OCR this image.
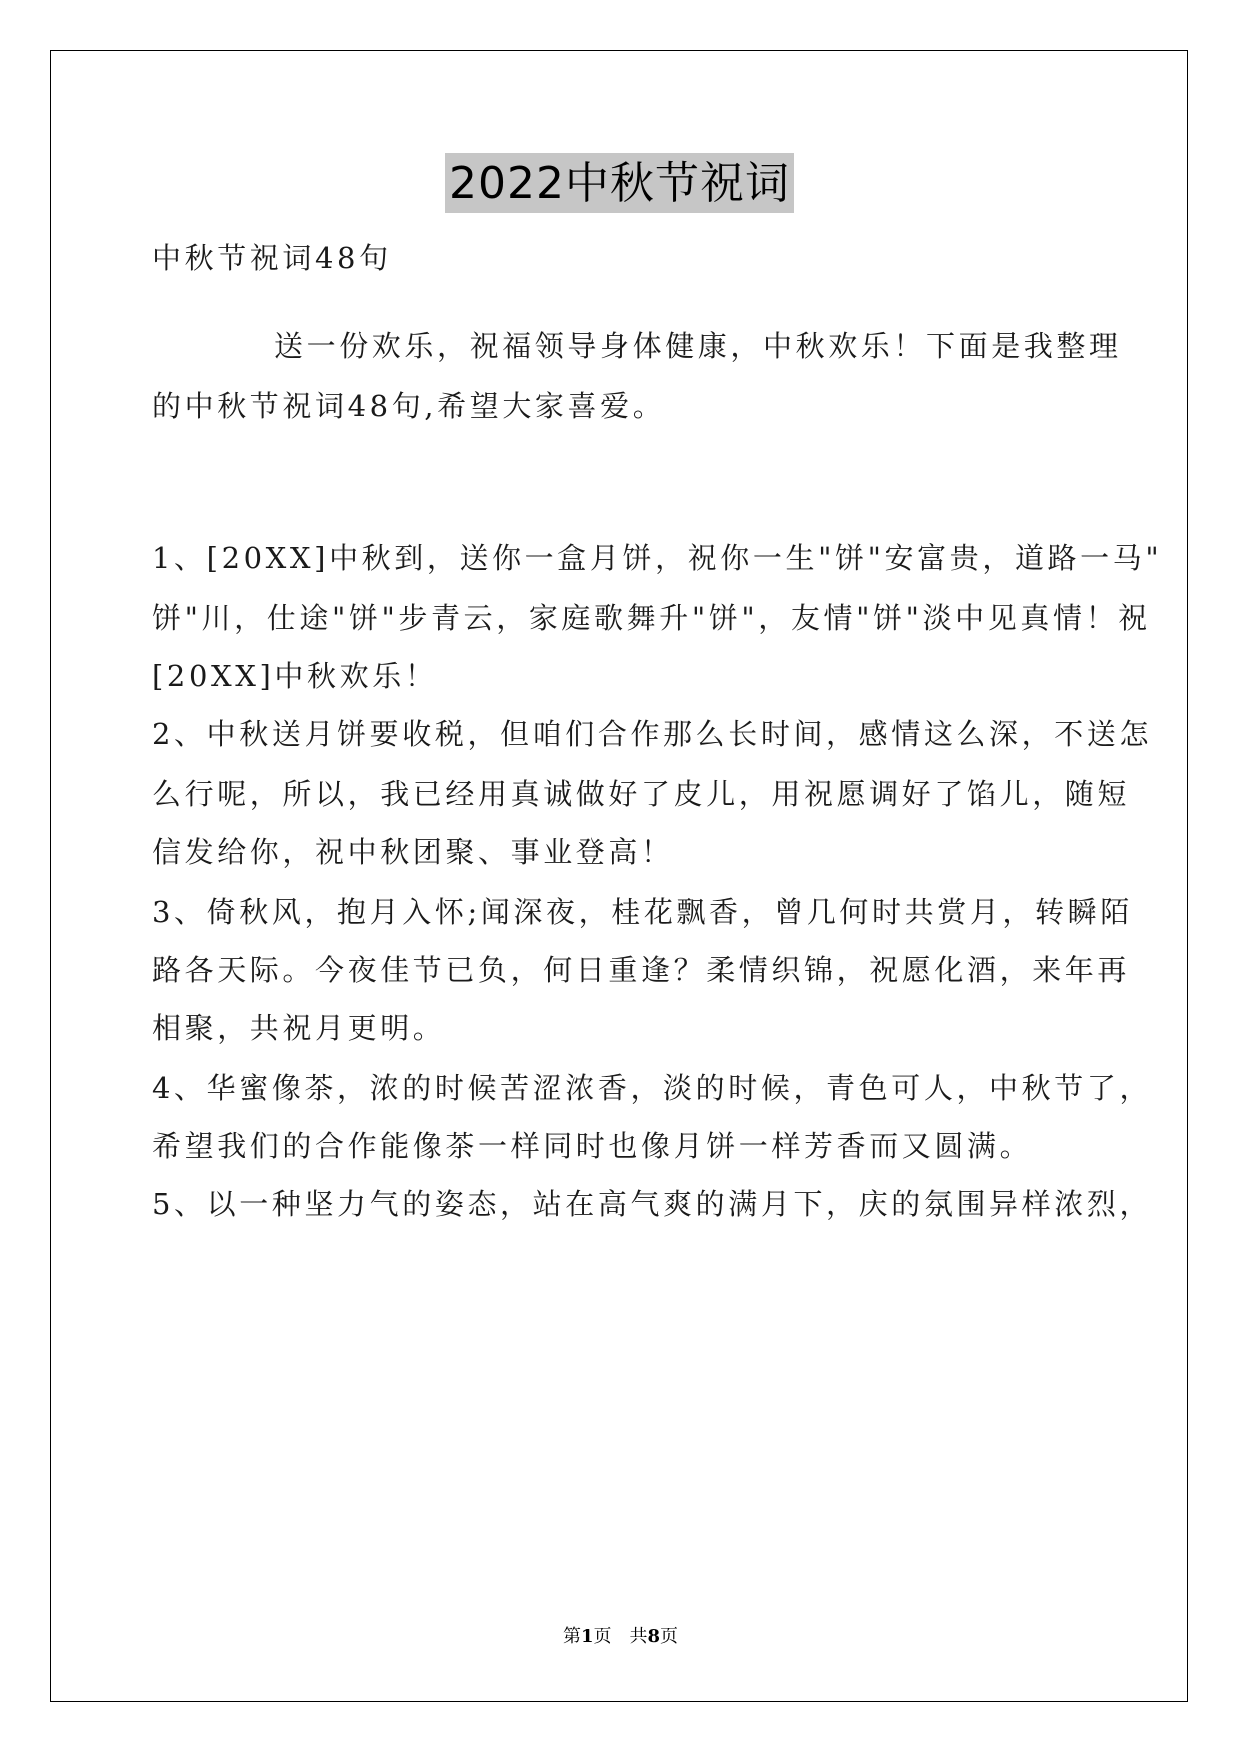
2022中秋节祝词
中秋节祝词48句
送一份欢乐，祝福领导身体健康，中秋欢乐！下面是我整理
的中秋节祝词48句,希望大家喜爱。
1、[20XX]中秋到，送你一盒月饼，祝你一生"饼"安富贵，道路一马"
饼"川，仕途"饼"步青云，家庭歌舞升"饼"，友情"饼"淡中见真情！祝
[20XX]中秋欢乐！
2、中秋送月饼要收税，但咱们合作那么长时间，感情这么深，不送怎
么行呢，所以，我已经用真诚做好了皮儿，用祝愿调好了馅儿，随短
信发给你，祝中秋团聚、事业登高！
3、倚秋风，抱月入怀;闻深夜，桂花飘香，曾几何时共赏月，转瞬陌
路各天际。今夜佳节已负，何日重逢？柔情织锦，祝愿化酒，来年再
相聚，共祝月更明。
4、华蜜像茶，浓的时候苦涩浓香，淡的时候，青色可人，中秋节了，
希望我们的合作能像茶一样同时也像月饼一样芳香而又圆满。
5、以一种坚力气的姿态，站在高气爽的满月下，庆的氛围异样浓烈，
第1页　共8页
